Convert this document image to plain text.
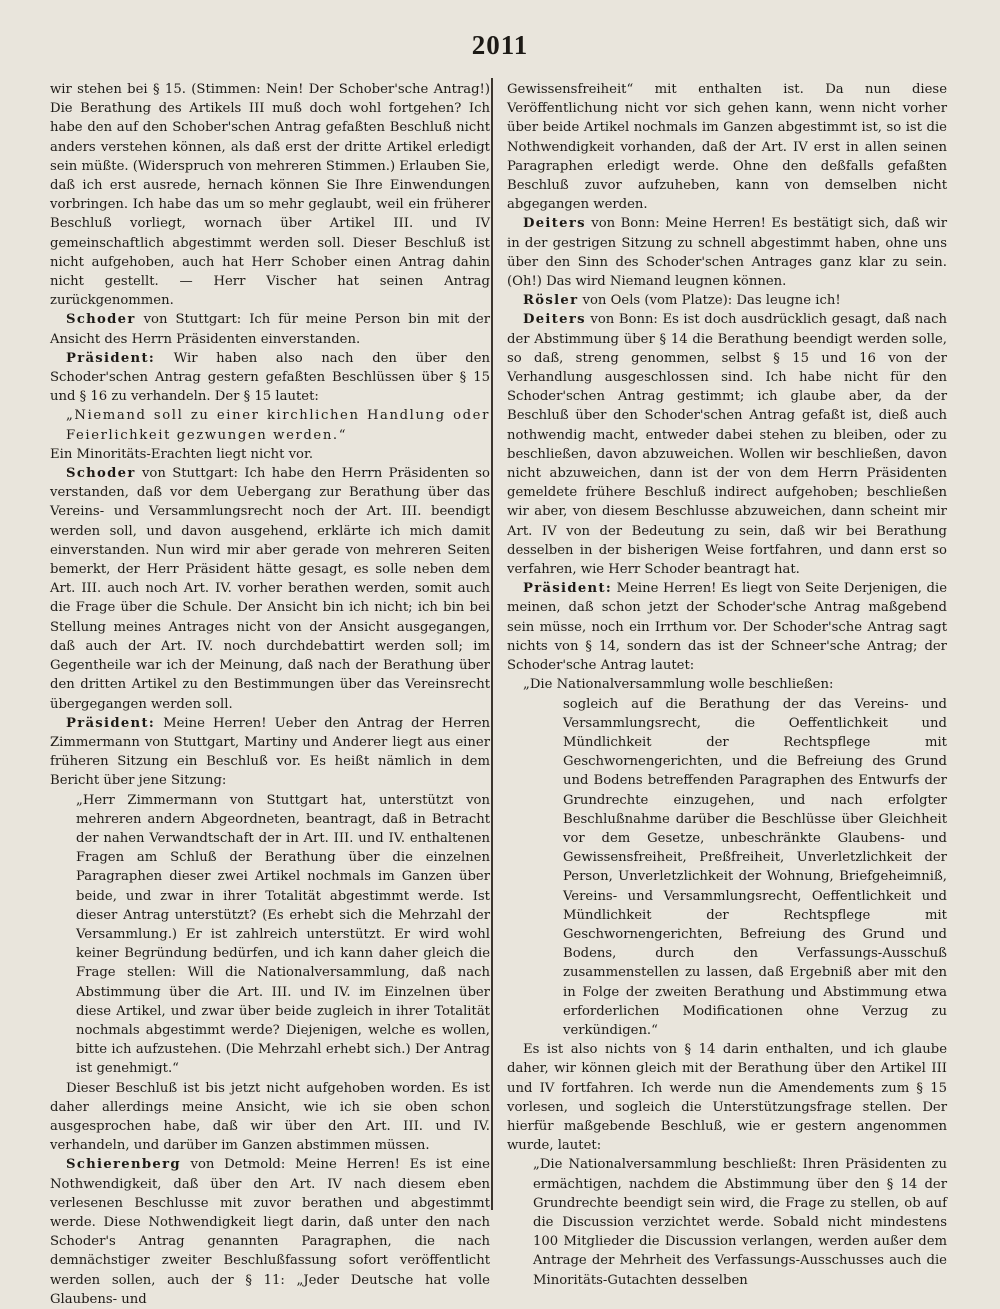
2011

wir stehen bei § 15. (Stimmen: Nein! Der Schober'sche Antrag!) Die Berathung des Artikels III muß doch wohl fortgehen? Ich habe den auf den Schober'schen Antrag gefaßten Beschluß nicht anders verstehen können, als daß erst der dritte Artikel erledigt sein müßte. (Widerspruch von mehreren Stimmen.) Erlauben Sie, daß ich erst ausrede, hernach können Sie Ihre Einwendungen vorbringen. Ich habe das um so mehr geglaubt, weil ein früherer Beschluß vorliegt, wornach über Artikel III. und IV gemeinschaftlich abgestimmt werden soll. Dieser Beschluß ist nicht aufgehoben, auch hat Herr Schober einen Antrag dahin nicht gestellt. — Herr Vischer hat seinen Antrag zurückgenommen.

Schoder von Stuttgart: Ich für meine Person bin mit der Ansicht des Herrn Präsidenten einverstanden.

Präsident: Wir haben also nach den über den Schoder'schen Antrag gestern gefaßten Beschlüssen über § 15 und § 16 zu verhandeln. Der § 15 lautet:

„Niemand soll zu einer kirchlichen Handlung oder Feierlichkeit gezwungen werden.“

Ein Minoritäts-Erachten liegt nicht vor.

Schoder von Stuttgart: Ich habe den Herrn Präsidenten so verstanden, daß vor dem Uebergang zur Berathung über das Vereins- und Versammlungsrecht noch der Art. III. beendigt werden soll, und davon ausgehend, erklärte ich mich damit einverstanden. Nun wird mir aber gerade von mehreren Seiten bemerkt, der Herr Präsident hätte gesagt, es solle neben dem Art. III. auch noch Art. IV. vorher berathen werden, somit auch die Frage über die Schule. Der Ansicht bin ich nicht; ich bin bei Stellung meines Antrages nicht von der Ansicht ausgegangen, daß auch der Art. IV. noch durchdebattirt werden soll; im Gegentheile war ich der Meinung, daß nach der Berathung über den dritten Artikel zu den Bestimmungen über das Vereinsrecht übergegangen werden soll.

Präsident: Meine Herren! Ueber den Antrag der Herren Zimmermann von Stuttgart, Martiny und Anderer liegt aus einer früheren Sitzung ein Beschluß vor. Es heißt nämlich in dem Bericht über jene Sitzung:

„Herr Zimmermann von Stuttgart hat, unterstützt von mehreren andern Abgeordneten, beantragt, daß in Betracht der nahen Verwandtschaft der in Art. III. und IV. enthaltenen Fragen am Schluß der Berathung über die einzelnen Paragraphen dieser zwei Artikel nochmals im Ganzen über beide, und zwar in ihrer Totalität abgestimmt werde. Ist dieser Antrag unterstützt? (Es erhebt sich die Mehrzahl der Versammlung.) Er ist zahlreich unterstützt. Er wird wohl keiner Begründung bedürfen, und ich kann daher gleich die Frage stellen: Will die Nationalversammlung, daß nach Abstimmung über die Art. III. und IV. im Einzelnen über diese Artikel, und zwar über beide zugleich in ihrer Totalität nochmals abgestimmt werde? Diejenigen, welche es wollen, bitte ich aufzustehen. (Die Mehrzahl erhebt sich.) Der Antrag ist genehmigt.“

Dieser Beschluß ist bis jetzt nicht aufgehoben worden. Es ist daher allerdings meine Ansicht, wie ich sie oben schon ausgesprochen habe, daß wir über den Art. III. und IV. verhandeln, und darüber im Ganzen abstimmen müssen.

Schierenberg von Detmold: Meine Herren! Es ist eine Nothwendigkeit, daß über den Art. IV nach diesem eben verlesenen Beschlusse mit zuvor berathen und abgestimmt werde. Diese Nothwendigkeit liegt darin, daß unter den nach Schoder's Antrag genannten Paragraphen, die nach demnächstiger zweiter Beschlußfassung sofort veröffentlicht werden sollen, auch der § 11: „Jeder Deutsche hat volle Glaubens- und

Gewissensfreiheit“ mit enthalten ist. Da nun diese Veröffentlichung nicht vor sich gehen kann, wenn nicht vorher über beide Artikel nochmals im Ganzen abgestimmt ist, so ist die Nothwendigkeit vorhanden, daß der Art. IV erst in allen seinen Paragraphen erledigt werde. Ohne den deßfalls gefaßten Beschluß zuvor aufzuheben, kann von demselben nicht abgegangen werden.

Deiters von Bonn: Meine Herren! Es bestätigt sich, daß wir in der gestrigen Sitzung zu schnell abgestimmt haben, ohne uns über den Sinn des Schoder'schen Antrages ganz klar zu sein. (Oh!) Das wird Niemand leugnen können.

Rösler von Oels (vom Platze): Das leugne ich!

Deiters von Bonn: Es ist doch ausdrücklich gesagt, daß nach der Abstimmung über § 14 die Berathung beendigt werden solle, so daß, streng genommen, selbst § 15 und 16 von der Verhandlung ausgeschlossen sind. Ich habe nicht für den Schoder'schen Antrag gestimmt; ich glaube aber, da der Beschluß über den Schoder'schen Antrag gefaßt ist, dieß auch nothwendig macht, entweder dabei stehen zu bleiben, oder zu beschließen, davon abzuweichen. Wollen wir beschließen, davon nicht abzuweichen, dann ist der von dem Herrn Präsidenten gemeldete frühere Beschluß indirect aufgehoben; beschließen wir aber, von diesem Beschlusse abzuweichen, dann scheint mir Art. IV von der Bedeutung zu sein, daß wir bei Berathung desselben in der bisherigen Weise fortfahren, und dann erst so verfahren, wie Herr Schoder beantragt hat.

Präsident: Meine Herren! Es liegt von Seite Derjenigen, die meinen, daß schon jetzt der Schoder'sche Antrag maßgebend sein müsse, noch ein Irrthum vor. Der Schoder'sche Antrag sagt nichts von § 14, sondern das ist der Schneer'sche Antrag; der Schoder'sche Antrag lautet:

„Die Nationalversammlung wolle beschließen:

sogleich auf die Berathung der das Vereins- und Versammlungsrecht, die Oeffentlichkeit und Mündlichkeit der Rechtspflege mit Geschwornengerichten, und die Befreiung des Grund und Bodens betreffenden Paragraphen des Entwurfs der Grundrechte einzugehen, und nach erfolgter Beschlußnahme darüber die Beschlüsse über Gleichheit vor dem Gesetze, unbeschränkte Glaubens- und Gewissensfreiheit, Preßfreiheit, Unverletzlichkeit der Person, Unverletzlichkeit der Wohnung, Briefgeheimniß, Vereins- und Versammlungsrecht, Oeffentlichkeit und Mündlichkeit der Rechtspflege mit Geschwornengerichten, Befreiung des Grund und Bodens, durch den Verfassungs-Ausschuß zusammenstellen zu lassen, daß Ergebniß aber mit den in Folge der zweiten Berathung und Abstimmung etwa erforderlichen Modificationen ohne Verzug zu verkündigen.“

Es ist also nichts von § 14 darin enthalten, und ich glaube daher, wir können gleich mit der Berathung über den Artikel III und IV fortfahren. Ich werde nun die Amendements zum § 15 vorlesen, und sogleich die Unterstützungsfrage stellen. Der hierfür maßgebende Beschluß, wie er gestern angenommen wurde, lautet:

„Die Nationalversammlung beschließt: Ihren Präsidenten zu ermächtigen, nachdem die Abstimmung über den § 14 der Grundrechte beendigt sein wird, die Frage zu stellen, ob auf die Discussion verzichtet werde. Sobald nicht mindestens 100 Mitglieder die Discussion verlangen, werden außer dem Antrage der Mehrheit des Verfassungs-Ausschusses auch die Minoritäts-Gutachten desselben
